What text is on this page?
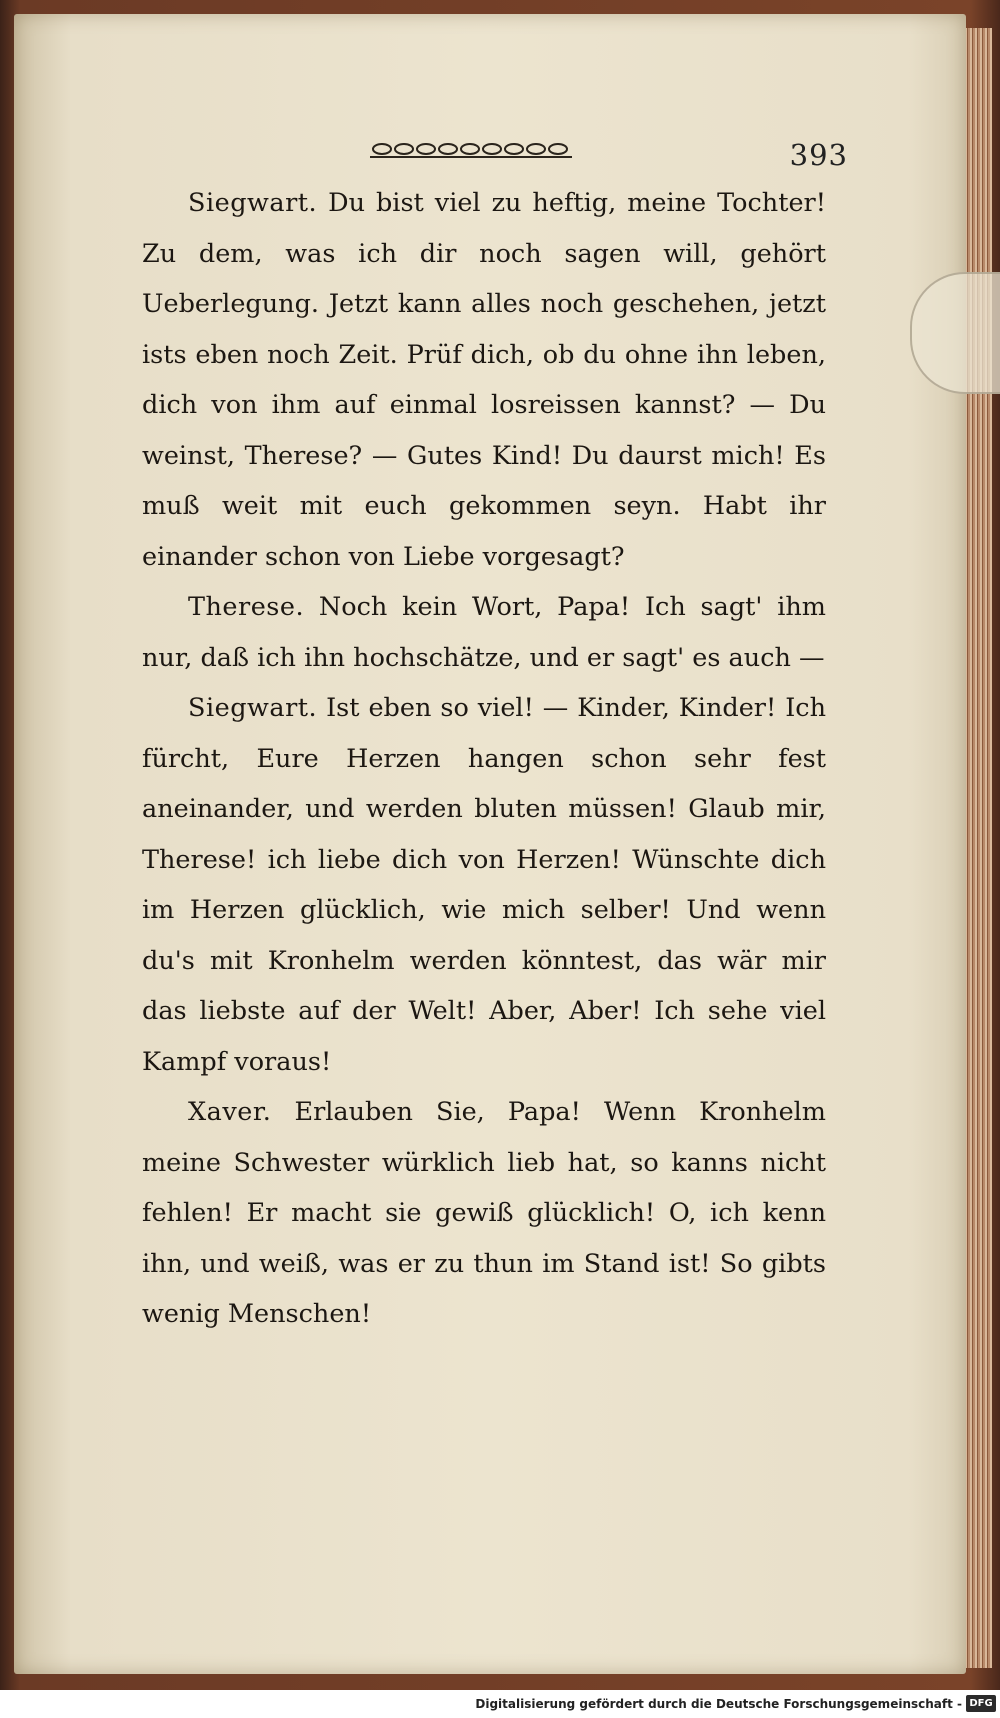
393

Siegwart. Du bist viel zu heftig, meine Tochter! Zu dem, was ich dir noch sagen will, gehört Ueberlegung. Jetzt kann alles noch geschehen, jetzt ists eben noch Zeit. Prüf dich, ob du ohne ihn leben, dich von ihm auf einmal losreissen kannst? — Du weinst, Therese? — Gutes Kind! Du daurst mich! Es muß weit mit euch gekommen seyn. Habt ihr einander schon von Liebe vorgesagt?

Therese. Noch kein Wort, Papa! Ich sagt' ihm nur, daß ich ihn hochschätze, und er sagt' es auch —

Siegwart. Ist eben so viel! — Kinder, Kinder! Ich fürcht, Eure Herzen hangen schon sehr fest aneinander, und werden bluten müssen! Glaub mir, Therese! ich liebe dich von Herzen! Wünschte dich im Herzen glücklich, wie mich selber! Und wenn du's mit Kronhelm werden könntest, das wär mir das liebste auf der Welt! Aber, Aber! Ich sehe viel Kampf voraus!

Xaver. Erlauben Sie, Papa! Wenn Kronhelm meine Schwester würklich lieb hat, so kanns nicht fehlen! Er macht sie gewiß glücklich! O, ich kenn ihn, und weiß, was er zu thun im Stand ist! So gibts wenig Menschen!

Digitalisierung gefördert durch die Deutsche Forschungsgemeinschaft - DFG
